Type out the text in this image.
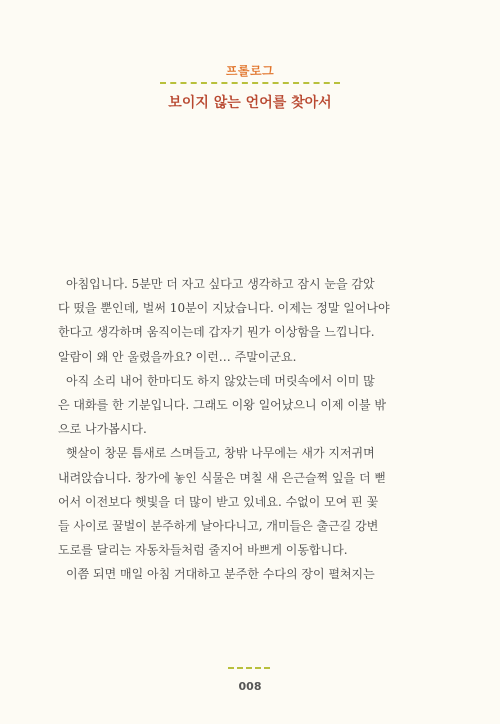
프롤로그
보이지 않는 언어를 찾아서
아침입니다. 5분만 더 자고 싶다고 생각하고 잠시 눈을 감았
다 떴을 뿐인데, 벌써 10분이 지났습니다. 이제는 정말 일어나야
한다고 생각하며 움직이는데 갑자기 뭔가 이상함을 느낍니다.
알람이 왜 안 울렸을까요? 이런… 주말이군요.
아직 소리 내어 한마디도 하지 않았는데 머릿속에서 이미 많
은 대화를 한 기분입니다. 그래도 이왕 일어났으니 이제 이불 밖
으로 나가봅시다.
햇살이 창문 틈새로 스며들고, 창밖 나무에는 새가 지저귀며
내려앉습니다. 창가에 놓인 식물은 며칠 새 은근슬쩍 잎을 더 뻗
어서 이전보다 햇빛을 더 많이 받고 있네요. 수없이 모여 핀 꽃
들 사이로 꿀벌이 분주하게 날아다니고, 개미들은 출근길 강변
도로를 달리는 자동차들처럼 줄지어 바쁘게 이동합니다.
이쯤 되면 매일 아침 거대하고 분주한 수다의 장이 펼쳐지는
008
